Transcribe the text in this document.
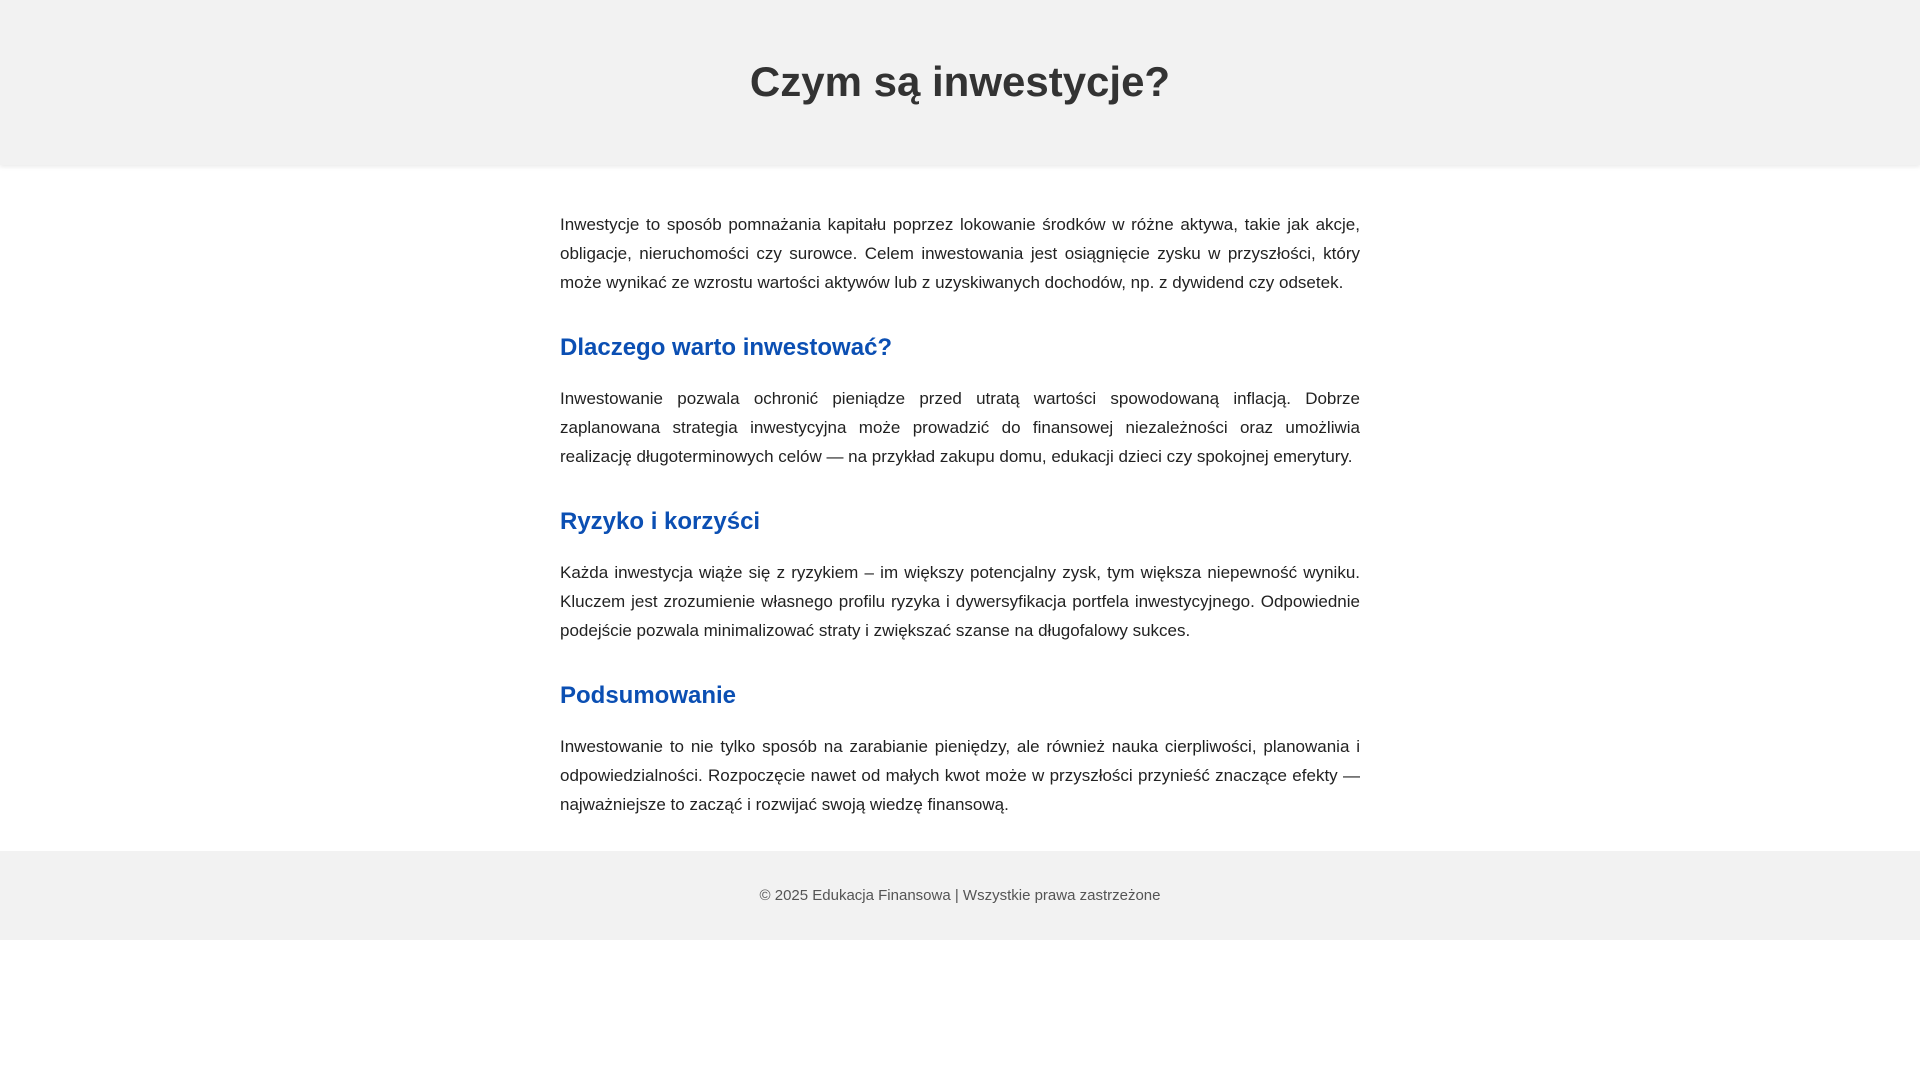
Czym są inwestycje?

Inwestycje to sposób pomnażania kapitału poprzez lokowanie środków w różne aktywa, takie jak akcje, obligacje, nieruchomości czy surowce. Celem inwestowania jest osiągnięcie zysku w przyszłości, który może wynikać ze wzrostu wartości aktywów lub z uzyskiwanych dochodów, np. z dywidend czy odsetek.

Dlaczego warto inwestować?

Inwestowanie pozwala ochronić pieniądze przed utratą wartości spowodowaną inflacją. Dobrze zaplanowana strategia inwestycyjna może prowadzić do finansowej niezależności oraz umożliwia realizację długoterminowych celów — na przykład zakupu domu, edukacji dzieci czy spokojnej emerytury.

Ryzyko i korzyści

Każda inwestycja wiąże się z ryzykiem – im większy potencjalny zysk, tym większa niepewność wyniku. Kluczem jest zrozumienie własnego profilu ryzyka i dywersyfikacja portfela inwestycyjnego. Odpowiednie podejście pozwala minimalizować straty i zwiększać szanse na długofalowy sukces.

Podsumowanie

Inwestowanie to nie tylko sposób na zarabianie pieniędzy, ale również nauka cierpliwości, planowania i odpowiedzialności. Rozpoczęcie nawet od małych kwot może w przyszłości przynieść znaczące efekty — najważniejsze to zacząć i rozwijać swoją wiedzę finansową.

© 2025 Edukacja Finansowa | Wszystkie prawa zastrzeżone
